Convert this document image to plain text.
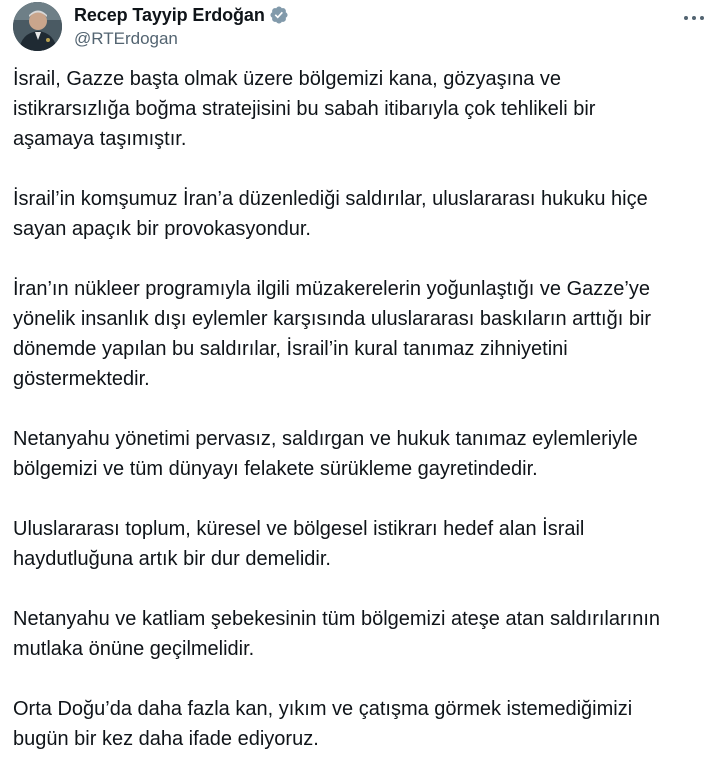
Recep Tayyip Erdoğan
@RTErdogan

İsrail, Gazze başta olmak üzere bölgemizi kana, gözyaşına ve

istikrarsızlığa boğma stratejisini bu sabah itibarıyla çok tehlikeli bir

aşamaya taşımıştır.

İsrail’in komşumuz İran’a düzenlediği saldırılar, uluslararası hukuku hiçe

sayan apaçık bir provokasyondur.

İran’ın nükleer programıyla ilgili müzakerelerin yoğunlaştığı ve Gazze’ye

yönelik insanlık dışı eylemler karşısında uluslararası baskıların arttığı bir

dönemde yapılan bu saldırılar, İsrail’in kural tanımaz zihniyetini

göstermektedir.

Netanyahu yönetimi pervasız, saldırgan ve hukuk tanımaz eylemleriyle

bölgemizi ve tüm dünyayı felakete sürükleme gayretindedir.

Uluslararası toplum, küresel ve bölgesel istikrarı hedef alan İsrail

haydutluğuna artık bir dur demelidir.

Netanyahu ve katliam şebekesinin tüm bölgemizi ateşe atan saldırılarının

mutlaka önüne geçilmelidir.

Orta Doğu’da daha fazla kan, yıkım ve çatışma görmek istemediğimizi

bugün bir kez daha ifade ediyoruz.
